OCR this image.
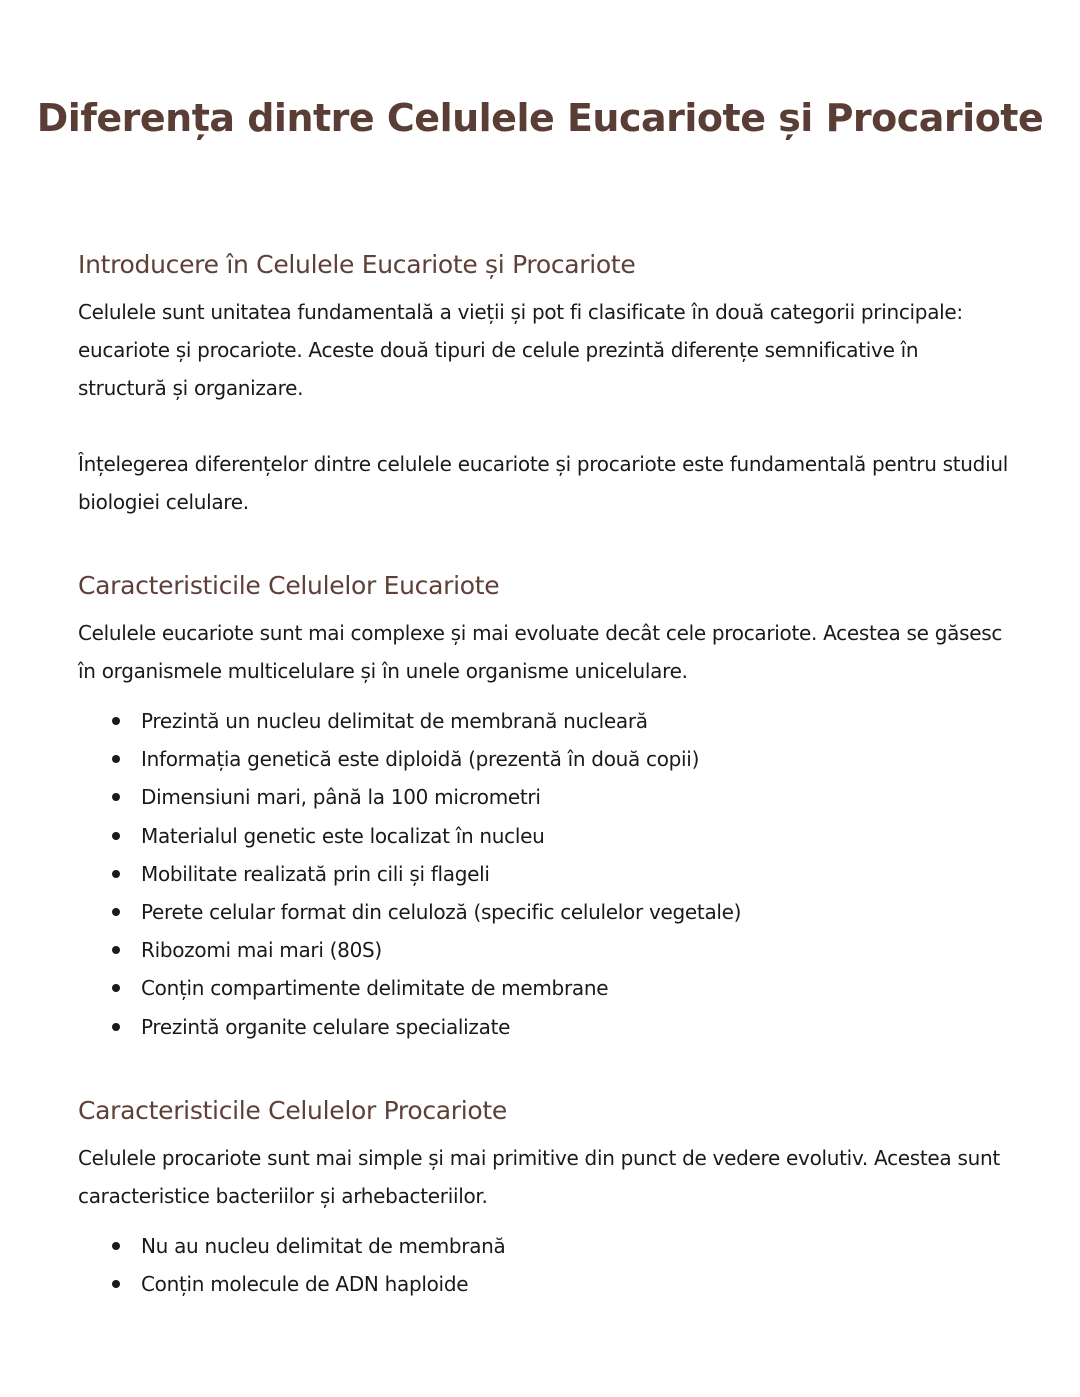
Diferența dintre Celulele Eucariote și Procariote
Introducere în Celulele Eucariote și Procariote

Celulele sunt unitatea fundamentală a vieții și pot fi clasificate în două categorii principale: eucariote și procariote. Aceste două tipuri de celule prezintă diferențe semnificative în structură și organizare.

Înțelegerea diferențelor dintre celulele eucariote și procariote este fundamentală pentru studiul biologiei celulare.

Caracteristicile Celulelor Eucariote

Celulele eucariote sunt mai complexe și mai evoluate decât cele procariote. Acestea se găsesc în organismele multicelulare și în unele organisme unicelulare.

Prezintă un nucleu delimitat de membrană nucleară
Informația genetică este diploidă (prezentă în două copii)
Dimensiuni mari, până la 100 micrometri
Materialul genetic este localizat în nucleu
Mobilitate realizată prin cili și flageli
Perete celular format din celuloză (specific celulelor vegetale)
Ribozomi mai mari (80S)
Conțin compartimente delimitate de membrane
Prezintă organite celulare specializate
Caracteristicile Celulelor Procariote

Celulele procariote sunt mai simple și mai primitive din punct de vedere evolutiv. Acestea sunt caracteristice bacteriilor și arhebacteriilor.

Nu au nucleu delimitat de membrană
Conțin molecule de ADN haploide
